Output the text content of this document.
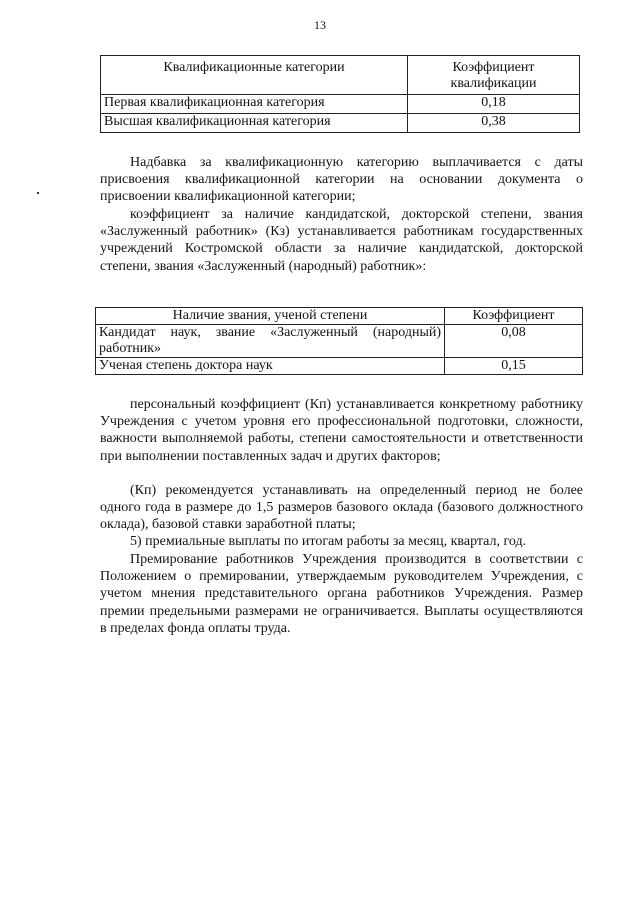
13
Квалификационные категории	Коэффициент квалификации
Первая квалификационная категория	0,18
Высшая квалификационная категория	0,38

Надбавка за квалификационную категорию выплачивается с даты присвоения квалификационной категории на основании документа о присвоении квалификационной категории;

коэффициент за наличие кандидатской, докторской степени, звания «Заслуженный работник» (Кз) устанавливается работникам государственных учреждений Костромской области за наличие кандидатской, докторской степени, звания «Заслуженный (народный) работник»:

Наличие звания, ученой степени	Коэффициент
Кандидат наук, звание «Заслуженный (народный) работник»	0,08
Ученая степень доктора наук	0,15

персональный коэффициент (Кп) устанавливается конкретному работнику Учреждения с учетом уровня его профессиональной подготовки, сложности, важности выполняемой работы, степени самостоятельности и ответственности при выполнении поставленных задач и других факторов;

(Кп) рекомендуется устанавливать на определенный период не более одного года в размере до 1,5 размеров базового оклада (базового должностного оклада), базовой ставки заработной платы;

5) премиальные выплаты по итогам работы за месяц, квартал, год.

Премирование работников Учреждения производится в соответствии с Положением о премировании, утверждаемым руководителем Учреждения, с учетом мнения представительного органа работников Учреждения. Размер премии предельными размерами не ограничивается. Выплаты осуществляются в пределах фонда оплаты труда.
